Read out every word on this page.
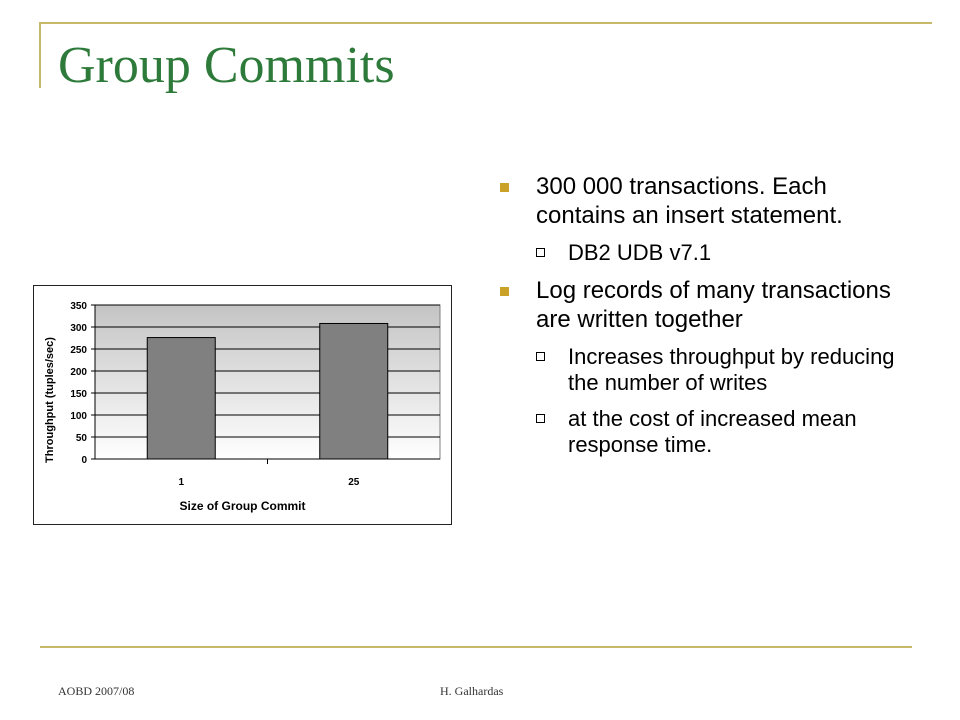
Group Commits
300 000 transactions. Each contains an insert statement.
DB2 UDB v7.1
Log records of many transactions are written together
Increases throughput by reducing the number of writes
at the cost of increased mean response time.
0
50
100
150
200
250
300
350
1	25
Size of Group Commit
Throughput (tuples/sec)
AOBD 2007/08	H. Galhardas
